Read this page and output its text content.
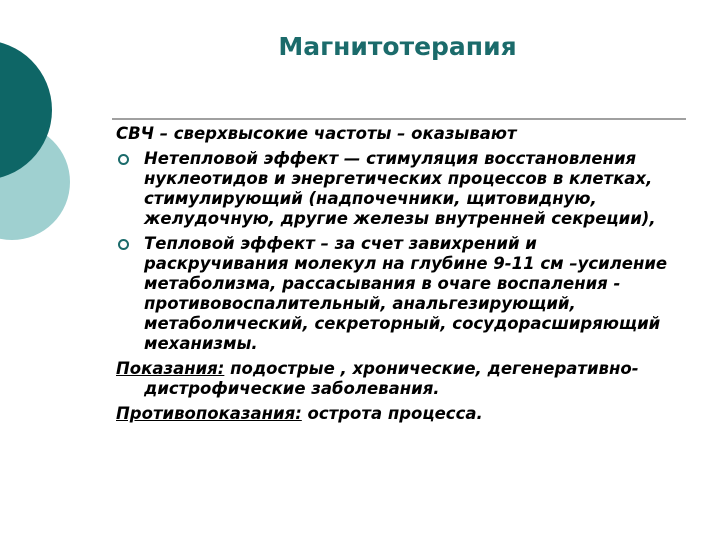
Магнитотерапия

СВЧ – сверхвысокие частоты – оказывают

Нетепловой эффект — стимуляция восстановления нуклеотидов и энергетических процессов в клетках, стимулирующий (надпочечники, щитовидную, желудочную, другие железы внутренней секреции),
Тепловой эффект – за счет завихрений и раскручивания молекул на глубине 9-11 см –усиление метаболизма, рассасывания в очаге воспаления - противовоспалительный, анальгезирующий, метаболический, секреторный, сосудорасширяющий механизмы.

Показания: подострые , хронические, дегенеративно-дистрофические заболевания.

Противопоказания: острота процесса.
